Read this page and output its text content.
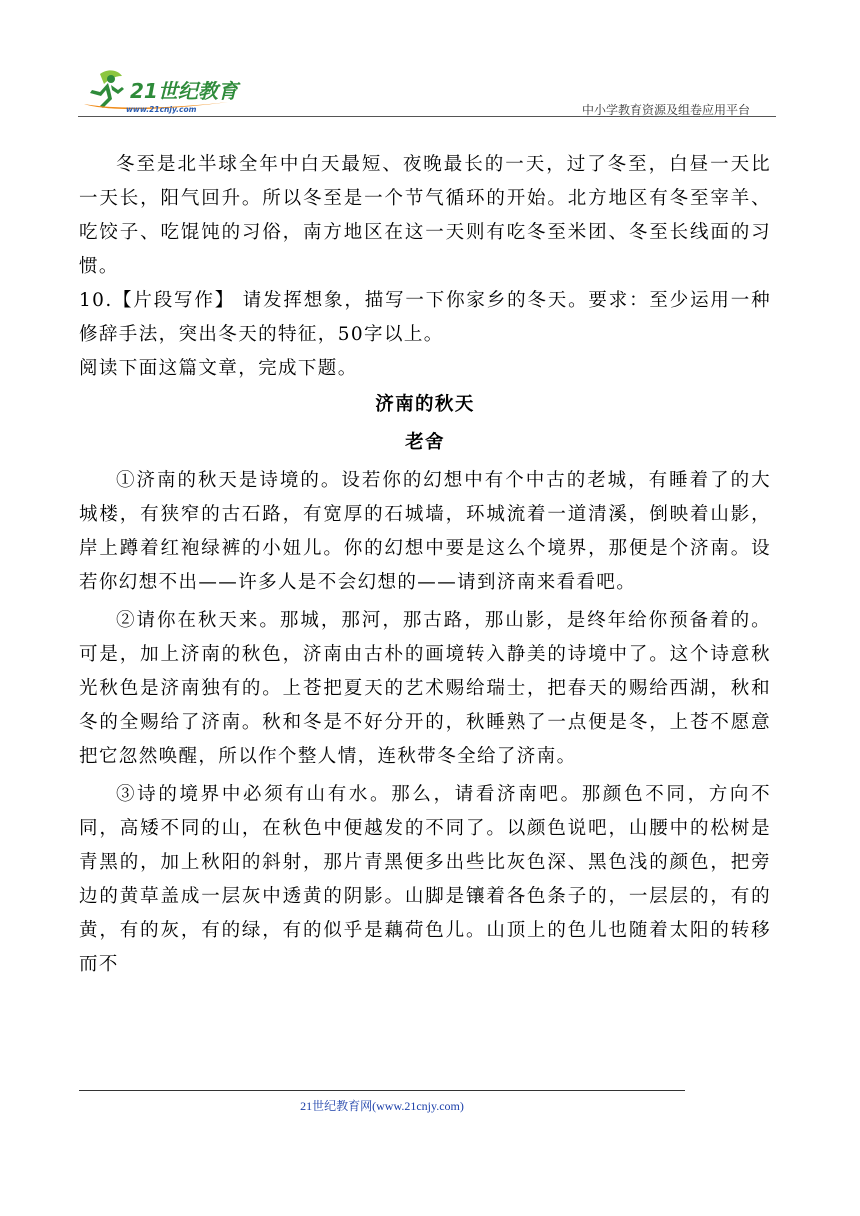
21世纪教育
www.21cnjy.com	中小学教育资源及组卷应用平台

冬至是北半球全年中白天最短、夜晚最长的一天，过了冬至，白昼一天比一天长，阳气回升。所以冬至是一个节气循环的开始。北方地区有冬至宰羊、吃饺子、吃馄饨的习俗，南方地区在这一天则有吃冬至米团、冬至长线面的习惯。

10.【片段写作】 请发挥想象，描写一下你家乡的冬天。要求：至少运用一种修辞手法，突出冬天的特征，50字以上。

阅读下面这篇文章，完成下题。

济南的秋天

老舍

①济南的秋天是诗境的。设若你的幻想中有个中古的老城，有睡着了的大城楼，有狭窄的古石路，有宽厚的石城墙，环城流着一道清溪，倒映着山影，岸上蹲着红袍绿裤的小妞儿。你的幻想中要是这么个境界，那便是个济南。设若你幻想不出——许多人是不会幻想的——请到济南来看看吧。

②请你在秋天来。那城，那河，那古路，那山影，是终年给你预备着的。可是，加上济南的秋色，济南由古朴的画境转入静美的诗境中了。这个诗意秋光秋色是济南独有的。上苍把夏天的艺术赐给瑞士，把春天的赐给西湖，秋和冬的全赐给了济南。秋和冬是不好分开的，秋睡熟了一点便是冬，上苍不愿意把它忽然唤醒，所以作个整人情，连秋带冬全给了济南。

③诗的境界中必须有山有水。那么，请看济南吧。那颜色不同，方向不同，高矮不同的山，在秋色中便越发的不同了。以颜色说吧，山腰中的松树是青黑的，加上秋阳的斜射，那片青黑便多出些比灰色深、黑色浅的颜色，把旁边的黄草盖成一层灰中透黄的阴影。山脚是镶着各色条子的，一层层的，有的黄，有的灰，有的绿，有的似乎是藕荷色儿。山顶上的色儿也随着太阳的转移而不

21世纪教育网(www.21cnjy.com)
